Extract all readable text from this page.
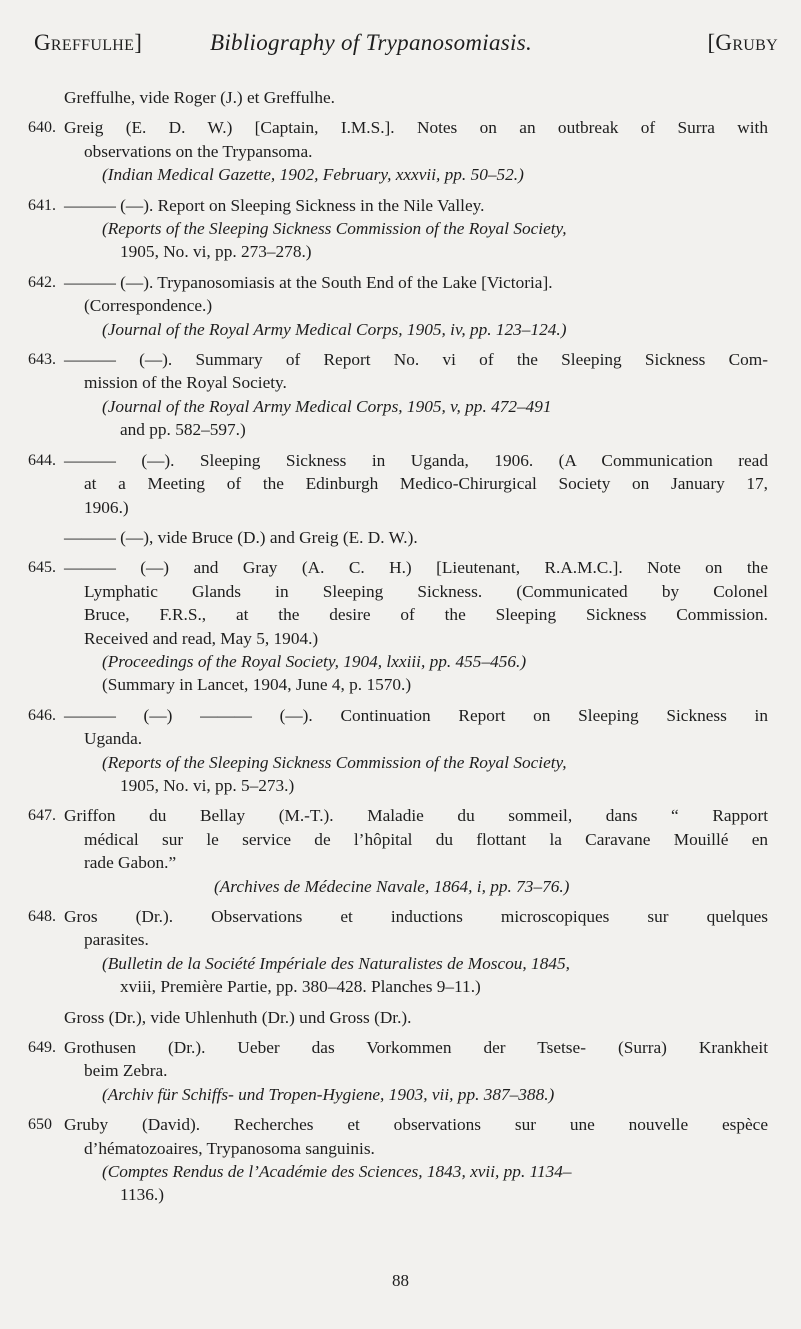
Greffulhe]	Bibliography of Trypanosomiasis.	[Gruby
Greffulhe, vide Roger (J.) et Greffulhe.
640. Greig (E. D. W.) [Captain, I.M.S.]. Notes on an outbreak of Surra with
observations on the Trypansoma.
(Indian Medical Gazette, 1902, February, xxxvii, pp. 50–52.)
641. ——— (—). Report on Sleeping Sickness in the Nile Valley.
(Reports of the Sleeping Sickness Commission of the Royal Society,
1905, No. vi, pp. 273–278.)
642. ——— (—). Trypanosomiasis at the South End of the Lake [Victoria].
(Correspondence.)
(Journal of the Royal Army Medical Corps, 1905, iv, pp. 123–124.)
643. ——— (—). Summary of Report No. vi of the Sleeping Sickness Com-
mission of the Royal Society.
(Journal of the Royal Army Medical Corps, 1905, v, pp. 472–491
and pp. 582–597.)
644. ——— (—). Sleeping Sickness in Uganda, 1906. (A Communication read
at a Meeting of the Edinburgh Medico-Chirurgical Society on January 17,
1906.)
——— (—), vide Bruce (D.) and Greig (E. D. W.).
645. ——— (—) and Gray (A. C. H.) [Lieutenant, R.A.M.C.]. Note on the
Lymphatic Glands in Sleeping Sickness. (Communicated by Colonel
Bruce, F.R.S., at the desire of the Sleeping Sickness Commission.
Received and read, May 5, 1904.)
(Proceedings of the Royal Society, 1904, lxxiii, pp. 455–456.)
(Summary in Lancet, 1904, June 4, p. 1570.)
646. ——— (—) ——— (—). Continuation Report on Sleeping Sickness in
Uganda.
(Reports of the Sleeping Sickness Commission of the Royal Society,
1905, No. vi, pp. 5–273.)
647. Griffon du Bellay (M.-T.). Maladie du sommeil, dans “ Rapport
médical sur le service de l’hôpital du flottant la Caravane Mouillé en
rade Gabon.”
(Archives de Médecine Navale, 1864, i, pp. 73–76.)
648. Gros (Dr.). Observations et inductions microscopiques sur quelques
parasites.
(Bulletin de la Société Impériale des Naturalistes de Moscou, 1845,
xviii, Première Partie, pp. 380–428. Planches 9–11.)
Gross (Dr.), vide Uhlenhuth (Dr.) und Gross (Dr.).
649. Grothusen (Dr.). Ueber das Vorkommen der Tsetse- (Surra) Krankheit
beim Zebra.
(Archiv für Schiffs- und Tropen-Hygiene, 1903, vii, pp. 387–388.)
650 Gruby (David). Recherches et observations sur une nouvelle espèce
d’hématozoaires, Trypanosoma sanguinis.
(Comptes Rendus de l’Académie des Sciences, 1843, xvii, pp. 1134–
1136.)
88
